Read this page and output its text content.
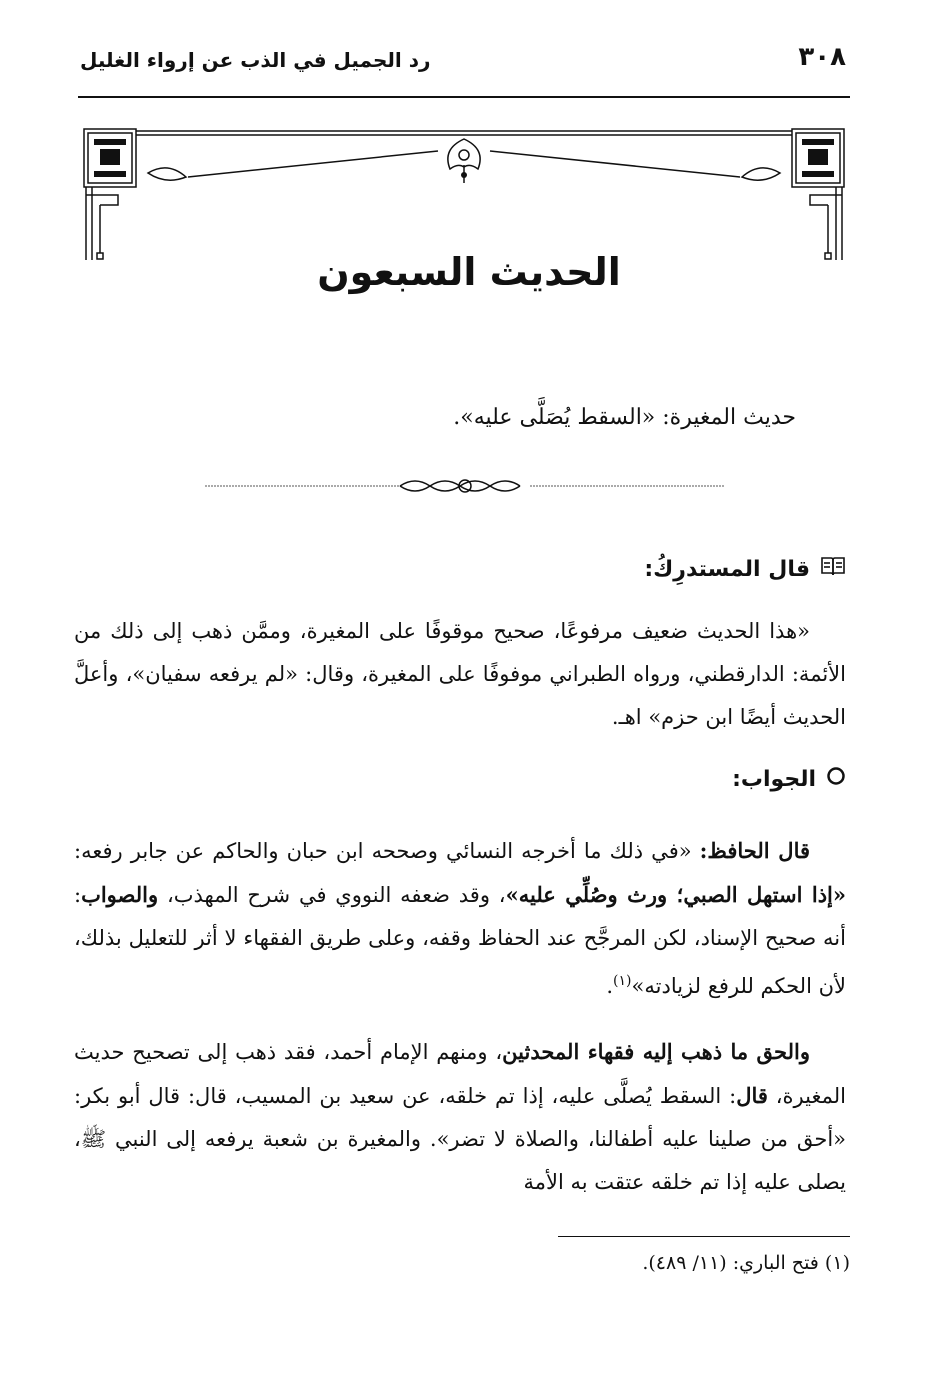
٣٠٨
رد الجميل في الذب عن إرواء الغليل
الحديث السبعون
حديث المغيرة: «السقط يُصَلَّى عليه».
قال المستدرِكُ:

«هذا الحديث ضعيف مرفوعًا، صحيح موقوفًا على المغيرة، وممَّن ذهب إلى ذلك من الأئمة: الدارقطني، ورواه الطبراني موفوفًا على المغيرة، وقال: «لم يرفعه سفيان»، وأعلَّ الحديث أيضًا ابن حزم» اهـ.

الجواب:

قال الحافظ: «في ذلك ما أخرجه النسائي وصححه ابن حبان والحاكم عن جابر رفعه: «إذا استهل الصبي؛ ورث وصُلِّي عليه»، وقد ضعفه النووي في شرح المهذب، والصواب: أنه صحيح الإسناد، لكن المرجَّح عند الحفاظ وقفه، وعلى طريق الفقهاء لا أثر للتعليل بذلك، لأن الحكم للرفع لزيادته»$^{(١)}$.

والحق ما ذهب إليه فقهاء المحدثين، ومنهم الإمام أحمد، فقد ذهب إلى تصحيح حديث المغيرة، قال: السقط يُصلَّى عليه، إذا تم خلقه، عن سعيد بن المسيب، قال: قال أبو بكر: «أحق من صلينا عليه أطفالنا، والصلاة لا تضر». والمغيرة بن شعبة يرفعه إلى النبي ﷺ، يصلى عليه إذا تم خلقه عتقت به الأمة

(١) فتح الباري: (١١/ ٤٨٩).
